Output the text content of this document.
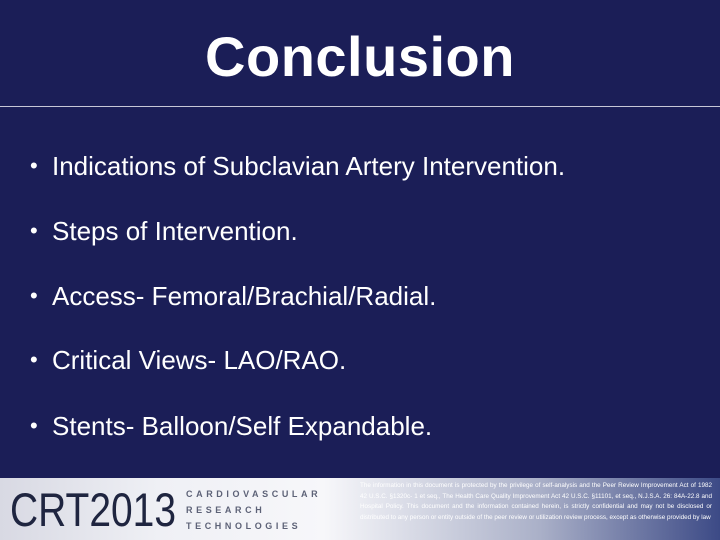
Conclusion
• Indications of Subclavian Artery Intervention.
• Steps of Intervention.
• Access- Femoral/Brachial/Radial.
• Critical Views- LAO/RAO.
• Stents- Balloon/Self Expandable.
CRT2013 CARDIOVASCULAR
RESEARCH
TECHNOLOGIES
The information in this document is protected by the privilege of self-analysis and the Peer Review Improvement Act of 1982 42 U.S.C. §1320c- 1 et seq., The Health Care Quality Improvement Act 42 U.S.C. §11101, et seq., N.J.S.A. 26: 84A-22.8 and Hospital Policy. This document and the information contained herein, is strictly confidential and may not be disclosed or distributed to any person or entity outside of the peer review or utilization review process, except as otherwise provided by law
